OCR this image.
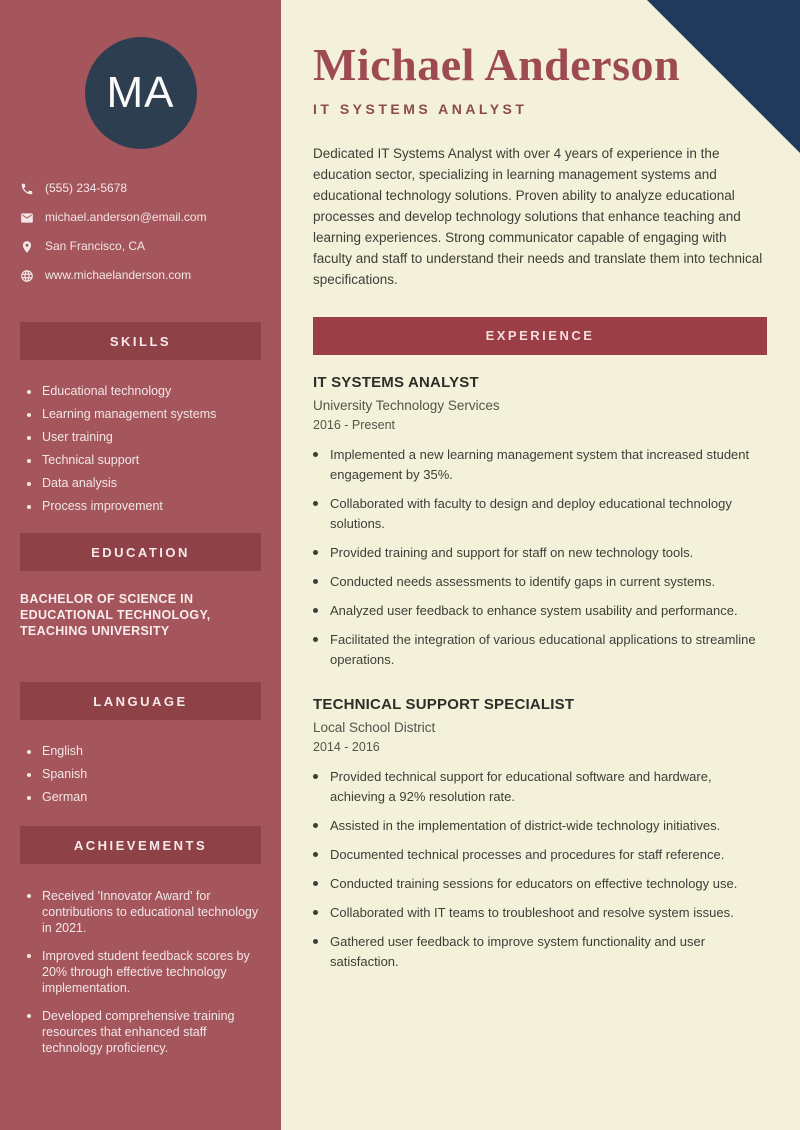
MA
(555) 234-5678
michael.anderson@email.com
San Francisco, CA
www.michaelanderson.com
SKILLS
Educational technology
Learning management systems
User training
Technical support
Data analysis
Process improvement
EDUCATION

BACHELOR OF SCIENCE IN EDUCATIONAL TECHNOLOGY, TEACHING UNIVERSITY

LANGUAGE
English
Spanish
German
ACHIEVEMENTS
Received 'Innovator Award' for contributions to educational technology in 2021.
Improved student feedback scores by 20% through effective technology implementation.
Developed comprehensive training resources that enhanced staff technology proficiency.
Michael Anderson
IT SYSTEMS ANALYST

Dedicated IT Systems Analyst with over 4 years of experience in the education sector, specializing in learning management systems and educational technology solutions. Proven ability to analyze educational processes and develop technology solutions that enhance teaching and learning experiences. Strong communicator capable of engaging with faculty and staff to understand their needs and translate them into technical specifications.

EXPERIENCE
IT SYSTEMS ANALYST
University Technology Services
2016 - Present
Implemented a new learning management system that increased student engagement by 35%.
Collaborated with faculty to design and deploy educational technology solutions.
Provided training and support for staff on new technology tools.
Conducted needs assessments to identify gaps in current systems.
Analyzed user feedback to enhance system usability and performance.
Facilitated the integration of various educational applications to streamline operations.
TECHNICAL SUPPORT SPECIALIST
Local School District
2014 - 2016
Provided technical support for educational software and hardware, achieving a 92% resolution rate.
Assisted in the implementation of district-wide technology initiatives.
Documented technical processes and procedures for staff reference.
Conducted training sessions for educators on effective technology use.
Collaborated with IT teams to troubleshoot and resolve system issues.
Gathered user feedback to improve system functionality and user satisfaction.
